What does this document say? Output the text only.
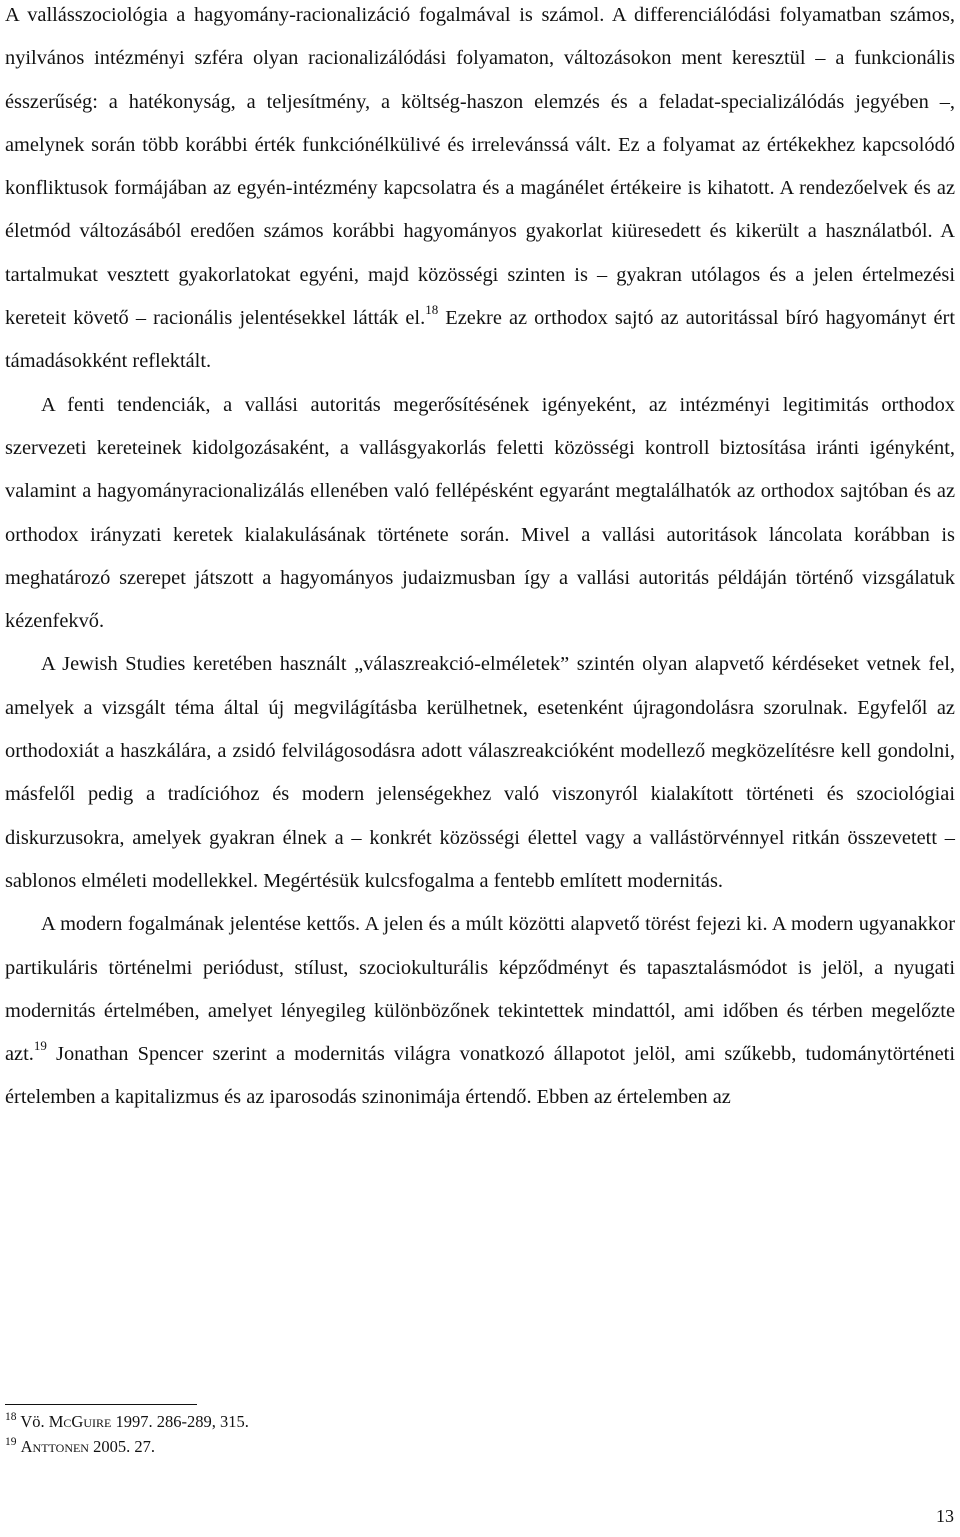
A vallásszociológia a hagyomány-racionalizáció fogalmával is számol. A differenciálódási folyamatban számos, nyilvános intézményi szféra olyan racionalizálódási folyamaton, változásokon ment keresztül – a funkcionális ésszerűség: a hatékonyság, a teljesítmény, a költség-haszon elemzés és a feladat-specializálódás jegyében –, amelynek során több korábbi érték funkciónélkülivé és irrelevánssá vált. Ez a folyamat az értékekhez kapcsolódó konfliktusok formájában az egyén-intézmény kapcsolatra és a magánélet értékeire is kihatott. A rendezőelvek és az életmód változásából eredően számos korábbi hagyományos gyakorlat kiüresedett és kikerült a használatból. A tartalmukat vesztett gyakorlatokat egyéni, majd közösségi szinten is – gyakran utólagos és a jelen értelmezési kereteit követő – racionális jelentésekkel látták el.$^{18}$ Ezekre az orthodox sajtó az autoritással bíró hagyományt ért támadásokként reflektált.

A fenti tendenciák, a vallási autoritás megerősítésének igényeként, az intézményi legitimitás orthodox szervezeti kereteinek kidolgozásaként, a vallásgyakorlás feletti közösségi kontroll biztosítása iránti igényként, valamint a hagyományracionalizálás ellenében való fellépésként egyaránt megtalálhatók az orthodox sajtóban és az orthodox irányzati keretek kialakulásának története során. Mivel a vallási autoritások láncolata korábban is meghatározó szerepet játszott a hagyományos judaizmusban így a vallási autoritás példáján történő vizsgálatuk kézenfekvő.

A Jewish Studies keretében használt „válaszreakció-elméletek” szintén olyan alapvető kérdéseket vetnek fel, amelyek a vizsgált téma által új megvilágításba kerülhetnek, esetenként újragondolásra szorulnak. Egyfelől az orthodoxiát a haszkálára, a zsidó felvilágosodásra adott válaszreakcióként modellező megközelítésre kell gondolni, másfelől pedig a tradícióhoz és modern jelenségekhez való viszonyról kialakított történeti és szociológiai diskurzusokra, amelyek gyakran élnek a – konkrét közösségi élettel vagy a vallástörvénnyel ritkán összevetett – sablonos elméleti modellekkel. Megértésük kulcsfogalma a fentebb említett modernitás.

A modern fogalmának jelentése kettős. A jelen és a múlt közötti alapvető törést fejezi ki. A modern ugyanakkor partikuláris történelmi periódust, stílust, szociokulturális képződményt és tapasztalásmódot is jelöl, a nyugati modernitás értelmében, amelyet lényegileg különbözőnek tekintettek mindattól, ami időben és térben megelőzte azt.$^{19}$ Jonathan Spencer szerint a modernitás világra vonatkozó állapotot jelöl, ami szűkebb, tudománytörténeti értelemben a kapitalizmus és az iparosodás szinonimája értendő. Ebben az értelemben az

$^{18}$ Vö. McGuire 1997. 286-289, 315.
$^{19}$ Anttonen 2005. 27.
13
